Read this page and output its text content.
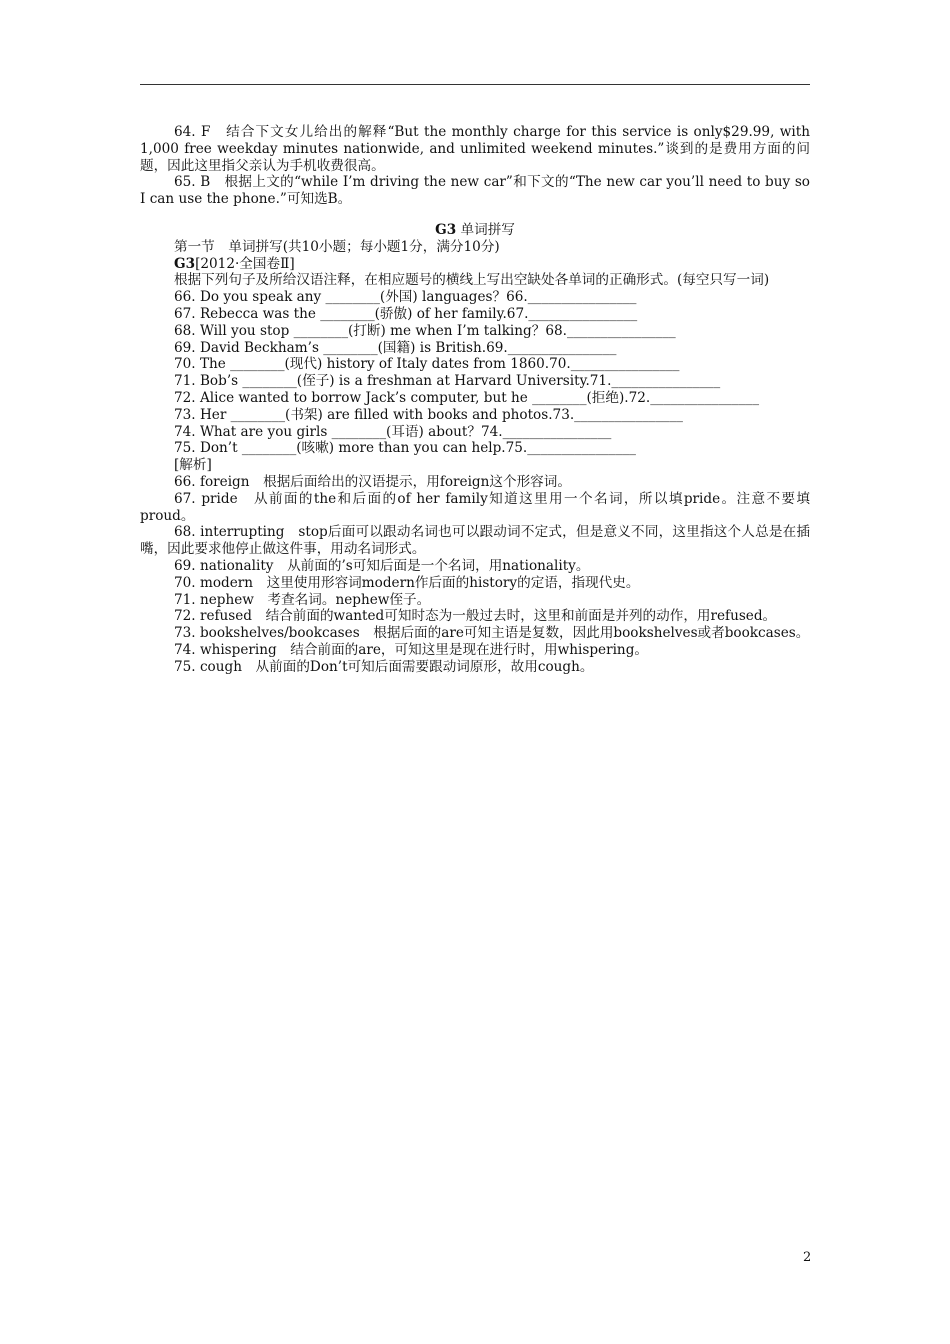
64. F　结合下文女儿给出的解释“But the monthly charge for this service is only$29.99, with 1,000 free weekday minutes nationwide, and unlimited weekend minutes.”谈到的是费用方面的问题，因此这里指父亲认为手机收费很高。

65. B　根据上文的“while I’m driving the new car”和下文的“The new car you’ll need to buy so I can use the phone.”可知选B。

G3 单词拼写

第一节　单词拼写(共10小题；每小题1分，满分10分)

G3[2012·全国卷Ⅱ]

根据下列句子及所给汉语注释，在相应题号的横线上写出空缺处各单词的正确形式。(每空只写一词)

66. Do you speak any ________(外国) languages？66.________________

67. Rebecca was the ________(骄傲) of her family.67.________________

68. Will you stop ________(打断) me when I’m talking？68.________________

69. David Beckham’s ________(国籍) is British.69.________________

70. The ________(现代) history of Italy dates from 1860.70.________________

71. Bob’s ________(侄子) is a freshman at Harvard University.71.________________

72. Alice wanted to borrow Jack’s computer, but he ________(拒绝).72.________________

73. Her ________(书架) are filled with books and photos.73.________________

74. What are you girls ________(耳语) about？74.________________

75. Don’t ________(咳嗽) more than you can help.75.________________

[解析]

66. foreign　根据后面给出的汉语提示，用foreign这个形容词。

67. pride　从前面的the和后面的of her family知道这里用一个名词，所以填pride。注意不要填proud。

68. interrupting　stop后面可以跟动名词也可以跟动词不定式，但是意义不同，这里指这个人总是在插嘴，因此要求他停止做这件事，用动名词形式。

69. nationality　从前面的’s可知后面是一个名词，用nationality。

70. modern　这里使用形容词modern作后面的history的定语，指现代史。

71. nephew　考查名词。nephew侄子。

72. refused　结合前面的wanted可知时态为一般过去时，这里和前面是并列的动作，用refused。

73. bookshelves/bookcases　根据后面的are可知主语是复数，因此用bookshelves或者bookcases。

74. whispering　结合前面的are，可知这里是现在进行时，用whispering。

75. cough　从前面的Don’t可知后面需要跟动词原形，故用cough。

2
